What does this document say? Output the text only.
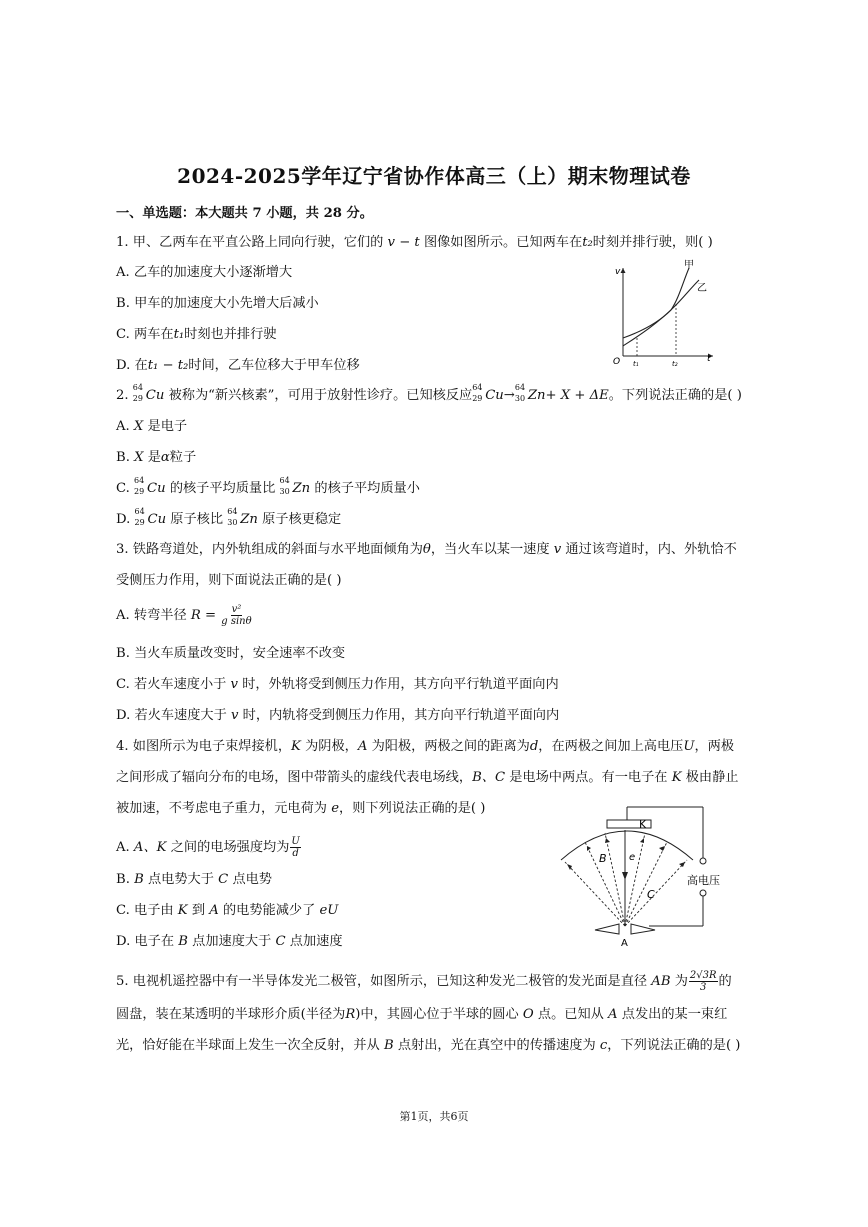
2024-2025学年辽宁省协作体高三（上）期末物理试卷
一、单选题：本大题共 7 小题，共 28 分。
1. 甲、乙两车在平直公路上同向行驶，它们的 v − t 图像如图所示。已知两车在t₂时刻并排行驶，则( )
A. 乙车的加速度大小逐渐增大
B. 甲车的加速度大小先增大后减小
C. 两车在t₁时刻也并排行驶
D. 在t₁ − t₂时间，乙车位移大于甲车位移
v
t
O t₁	t₂
甲
乙
2.
64
29 Cu 被称为“新兴核素”，可用于放射性诊疗。已知核反应
64
29 Cu→
64
30 Zn+ X + ΔE。下列说法正确的是( )
A. X 是电子
B. X 是α粒子
C.
64
29 Cu 的核子平均质量比
64
30 Zn 的核子平均质量小
D.
64
29 Cu 原子核比
64
30 Zn 原子核更稳定
3. 铁路弯道处，内外轨组成的斜面与水平地面倾角为θ，当火车以某一速度 v 通过该弯道时，内、外轨恰不
受侧压力作用，则下面说法正确的是( )
A. 转弯半径 $R = \frac{\text{v²}}{\text{g sinθ}}$
B. 当火车质量改变时，安全速率不改变
C. 若火车速度小于 v 时，外轨将受到侧压力作用，其方向平行轨道平面向内
D. 若火车速度大于 v 时，内轨将受到侧压力作用，其方向平行轨道平面向内
4. 如图所示为电子束焊接机，K 为阴极，A 为阳极，两极之间的距离为d，在两极之间加上高电压U，两极
之间形成了辐向分布的电场，图中带箭头的虚线代表电场线，B、C 是电场中两点。有一电子在 K 极由静止
被加速，不考虑电子重力，元电荷为 e，则下列说法正确的是( )
A. A、K 之间的电场强度均为 $\frac{U}{d}$
B. B 点电势大于 C 点电势
C. 电子由 K 到 A 的电势能减少了 eU
D. 电子在 B 点加速度大于 C 点加速度
K
高电压
B e
C
A
5. 电视机遥控器中有一半导体发光二极管，如图所示，已知这种发光二极管的发光面是直径 AB 为 $\frac{2√3R}{3}$ 的
圆盘，装在某透明的半球形介质(半径为R)中，其圆心位于半球的圆心 O 点。已知从 A 点发出的某一束红
光，恰好能在半球面上发生一次全反射，并从 B 点射出，光在真空中的传播速度为 c，下列说法正确的是( )
第1页，共6页
